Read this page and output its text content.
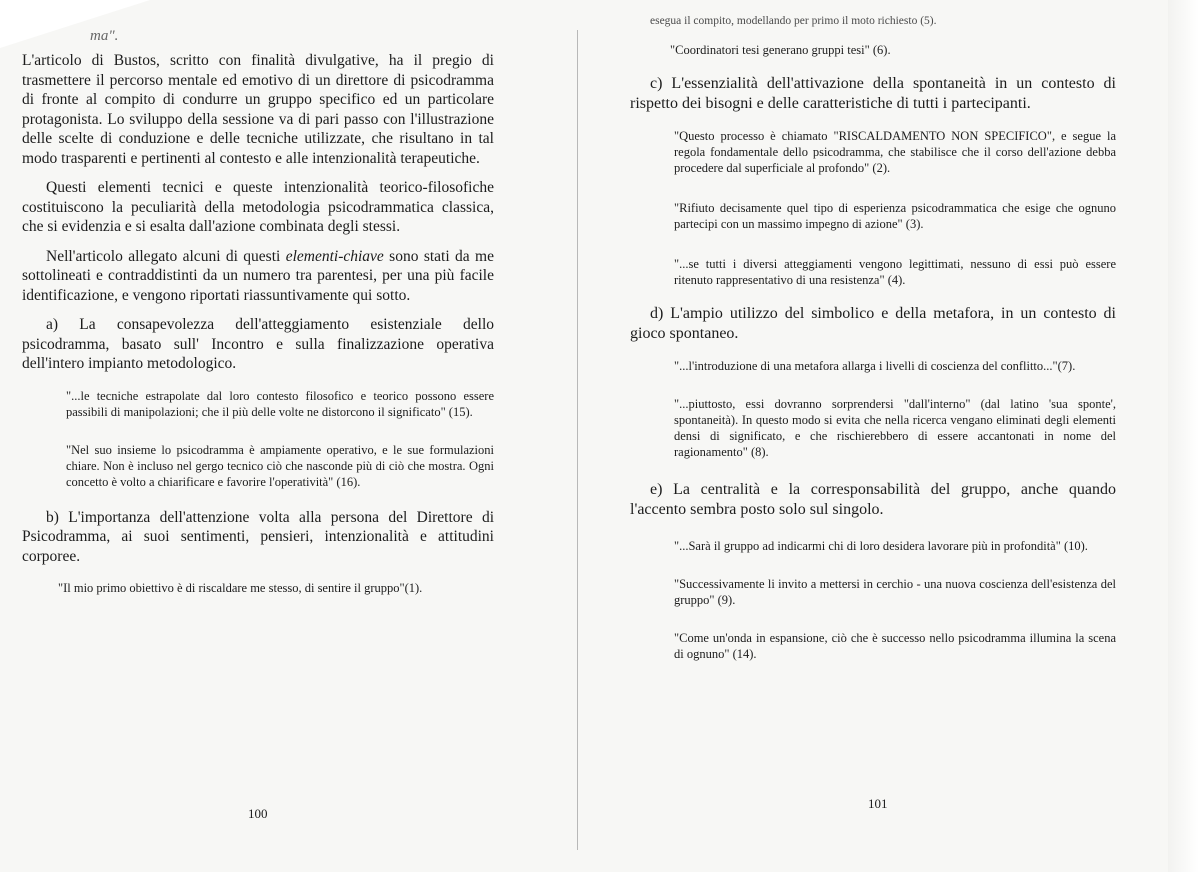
ma".

L'articolo di Bustos, scritto con finalità divulgative, ha il pregio di trasmettere il percorso mentale ed emotivo di un direttore di psicodramma di fronte al compito di condurre un gruppo specifico ed un particolare protagonista. Lo sviluppo della sessione va di pari passo con l'illustrazione delle scelte di conduzione e delle tecniche utilizzate, che risultano in tal modo trasparenti e pertinenti al contesto e alle intenzionalità terapeutiche.

Questi elementi tecnici e queste intenzionalità teorico-filosofiche costituiscono la peculiarità della metodologia psicodrammatica classica, che si evidenzia e si esalta dall'azione combinata degli stessi.

Nell'articolo allegato alcuni di questi elementi-chiave sono stati da me sottolineati e contraddistinti da un numero tra parentesi, per una più facile identificazione, e vengono riportati riassuntivamente qui sotto.

a) La consapevolezza dell'atteggiamento esistenziale dello psicodramma, basato sull' Incontro e sulla finalizzazione operativa dell'intero impianto metodologico.

"...le tecniche estrapolate dal loro contesto filosofico e teorico possono essere passibili di manipolazioni; che il più delle volte ne distorcono il significato" (15).

"Nel suo insieme lo psicodramma è ampiamente operativo, e le sue formulazioni chiare. Non è incluso nel gergo tecnico ciò che nasconde più di ciò che mostra. Ogni concetto è volto a chiarificare e favorire l'operatività" (16).

b) L'importanza dell'attenzione volta alla persona del Direttore di Psicodramma, ai suoi sentimenti, pensieri, intenzionalità e attitudini corporee.

"Il mio primo obiettivo è di riscaldare me stesso, di sentire il gruppo"(1).

100

esegua il compito, modellando per primo il moto richiesto (5).

"Coordinatori tesi generano gruppi tesi" (6).

c) L'essenzialità dell'attivazione della spontaneità in un contesto di rispetto dei bisogni e delle caratteristiche di tutti i partecipanti.

"Questo processo è chiamato "RISCALDAMENTO NON SPECIFICO", e segue la regola fondamentale dello psicodramma, che stabilisce che il corso dell'azione debba procedere dal superficiale al profondo" (2).

"Rifiuto decisamente quel tipo di esperienza psicodrammatica che esige che ognuno partecipi con un massimo impegno di azione" (3).

"...se tutti i diversi atteggiamenti vengono legittimati, nessuno di essi può essere ritenuto rappresentativo di una resistenza" (4).

d) L'ampio utilizzo del simbolico e della metafora, in un contesto di gioco spontaneo.

"...l'introduzione di una metafora allarga i livelli di coscienza del conflitto..."(7).

"...piuttosto, essi dovranno sorprendersi "dall'interno" (dal latino 'sua sponte', spontaneità). In questo modo si evita che nella ricerca vengano eliminati degli elementi densi di significato, e che rischierebbero di essere accantonati in nome del ragionamento" (8).

e) La centralità e la corresponsabilità del gruppo, anche quando l'accento sembra posto solo sul singolo.

"...Sarà il gruppo ad indicarmi chi di loro desidera lavorare più in profondità" (10).

"Successivamente li invito a mettersi in cerchio - una nuova coscienza dell'esistenza del gruppo" (9).

"Come un'onda in espansione, ciò che è successo nello psicodramma illumina la scena di ognuno" (14).

101
